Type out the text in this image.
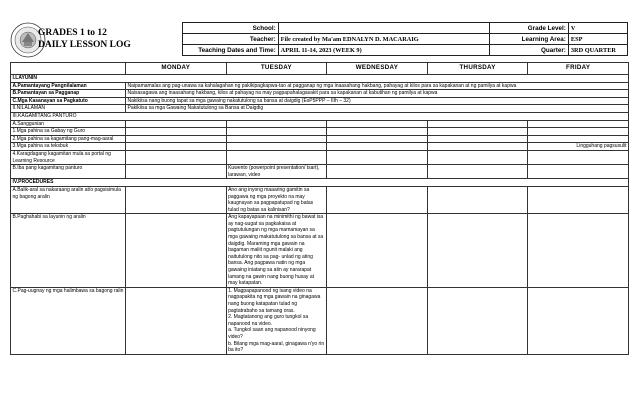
GRADES 1 to 12
DAILY LESSON LOG
School:		Grade Level:	V
Teacher:	File created by Ma'am EDNALYN D. MACARAIG	Learning Area:	ESP
Teaching Dates and Time:	APRIL 11-14, 2023 (WEEK 9)	Quarter:	3RD QUARTER
	MONDAY	TUESDAY	WEDNESDAY	THURSDAY	FRIDAY
I.LAYUNIN					
A.Pamantayang Pangnilalaman	Naipamamalas ang pag-unawa sa kahalagahan ng pakikipagkapwa-tao at pagganap ng mga inaasahang hakbang, pahayag at kilos para sa kapakanan at ng pamilya at kapwa				
B.Pamantayan sa Pagganap	Naisasagawa ang inaasahang hakbang, kilos at pahayag na may pagpapahalagasakit para sa kapakanan at kabutihan ng pamilya at kapwa				
C.Mga Kasanayan sa Pagkatuto	Nakikiisa nang buong tapat sa mga gawaing nakatutulong sa bansa at daigdig (EsP5PPP – IIIh – 32)				
II.NILALAMAN	Pakikiisa sa mga Gawaing Nakatutulong sa Bansa at Daigdig				
III.KAGAMITANG PANTURO					
A.Sanggunian					
1.Mga pahina sa Gabay ng Guro					
2.Mga pahina sa kagamitang pang-mag-aaral					
3.Mga pahina sa teksbuk					Lingguhang pagsusulit
4.Karagdagang kagamitan mula sa portal ng Learning Resource					
B.Iba pang kagamitang panturo		Kuwento (powerpoint presentation/ tsart), larawan, video			
IV.PROCEDURES					
A.Balik-aral sa nakaraang aralin at/o pagsisimula ng bagong aralin		Ano ang inyong maaaring gamitin sa paggawa ng mga proyekto na may kaugnayan sa pagpapatupad ng batas tulad ng batas sa kalinisan?			
B.Paghahabi sa layunin ng aralin		Ang kapayapaan na minimithi ng bawat isa ay nag-uugat sa pagkakaisa at pagtutulungan ng mga mamamayan sa mga gawaing makatutulong sa bansa at sa daigdig. Maraming mga gawain na bagaman maliit ngunit malaki ang naitutulong nito sa pag- unlad ng ating bansa. Ang pagpawa natin ng mga gawaing iniatang sa atin ay nararapat lamang na gawin nang buong husay at may katapatan.			
C.Pag-uugnay ng mga halimbawa sa bagong ralin		1. Magpapapanood ng isang video na nagpapakita ng mga gawain na ginagawa nang buong katapatan tulad ng pagtatrabaho sa tamang oras.
2. Magtatanong ang guro tungkol sa napanood na video.
a. Tungkol saan ang napanood ninyong video?
b. Bilang mga mag-aaral, ginagawa n'yo rin ba ito?			
